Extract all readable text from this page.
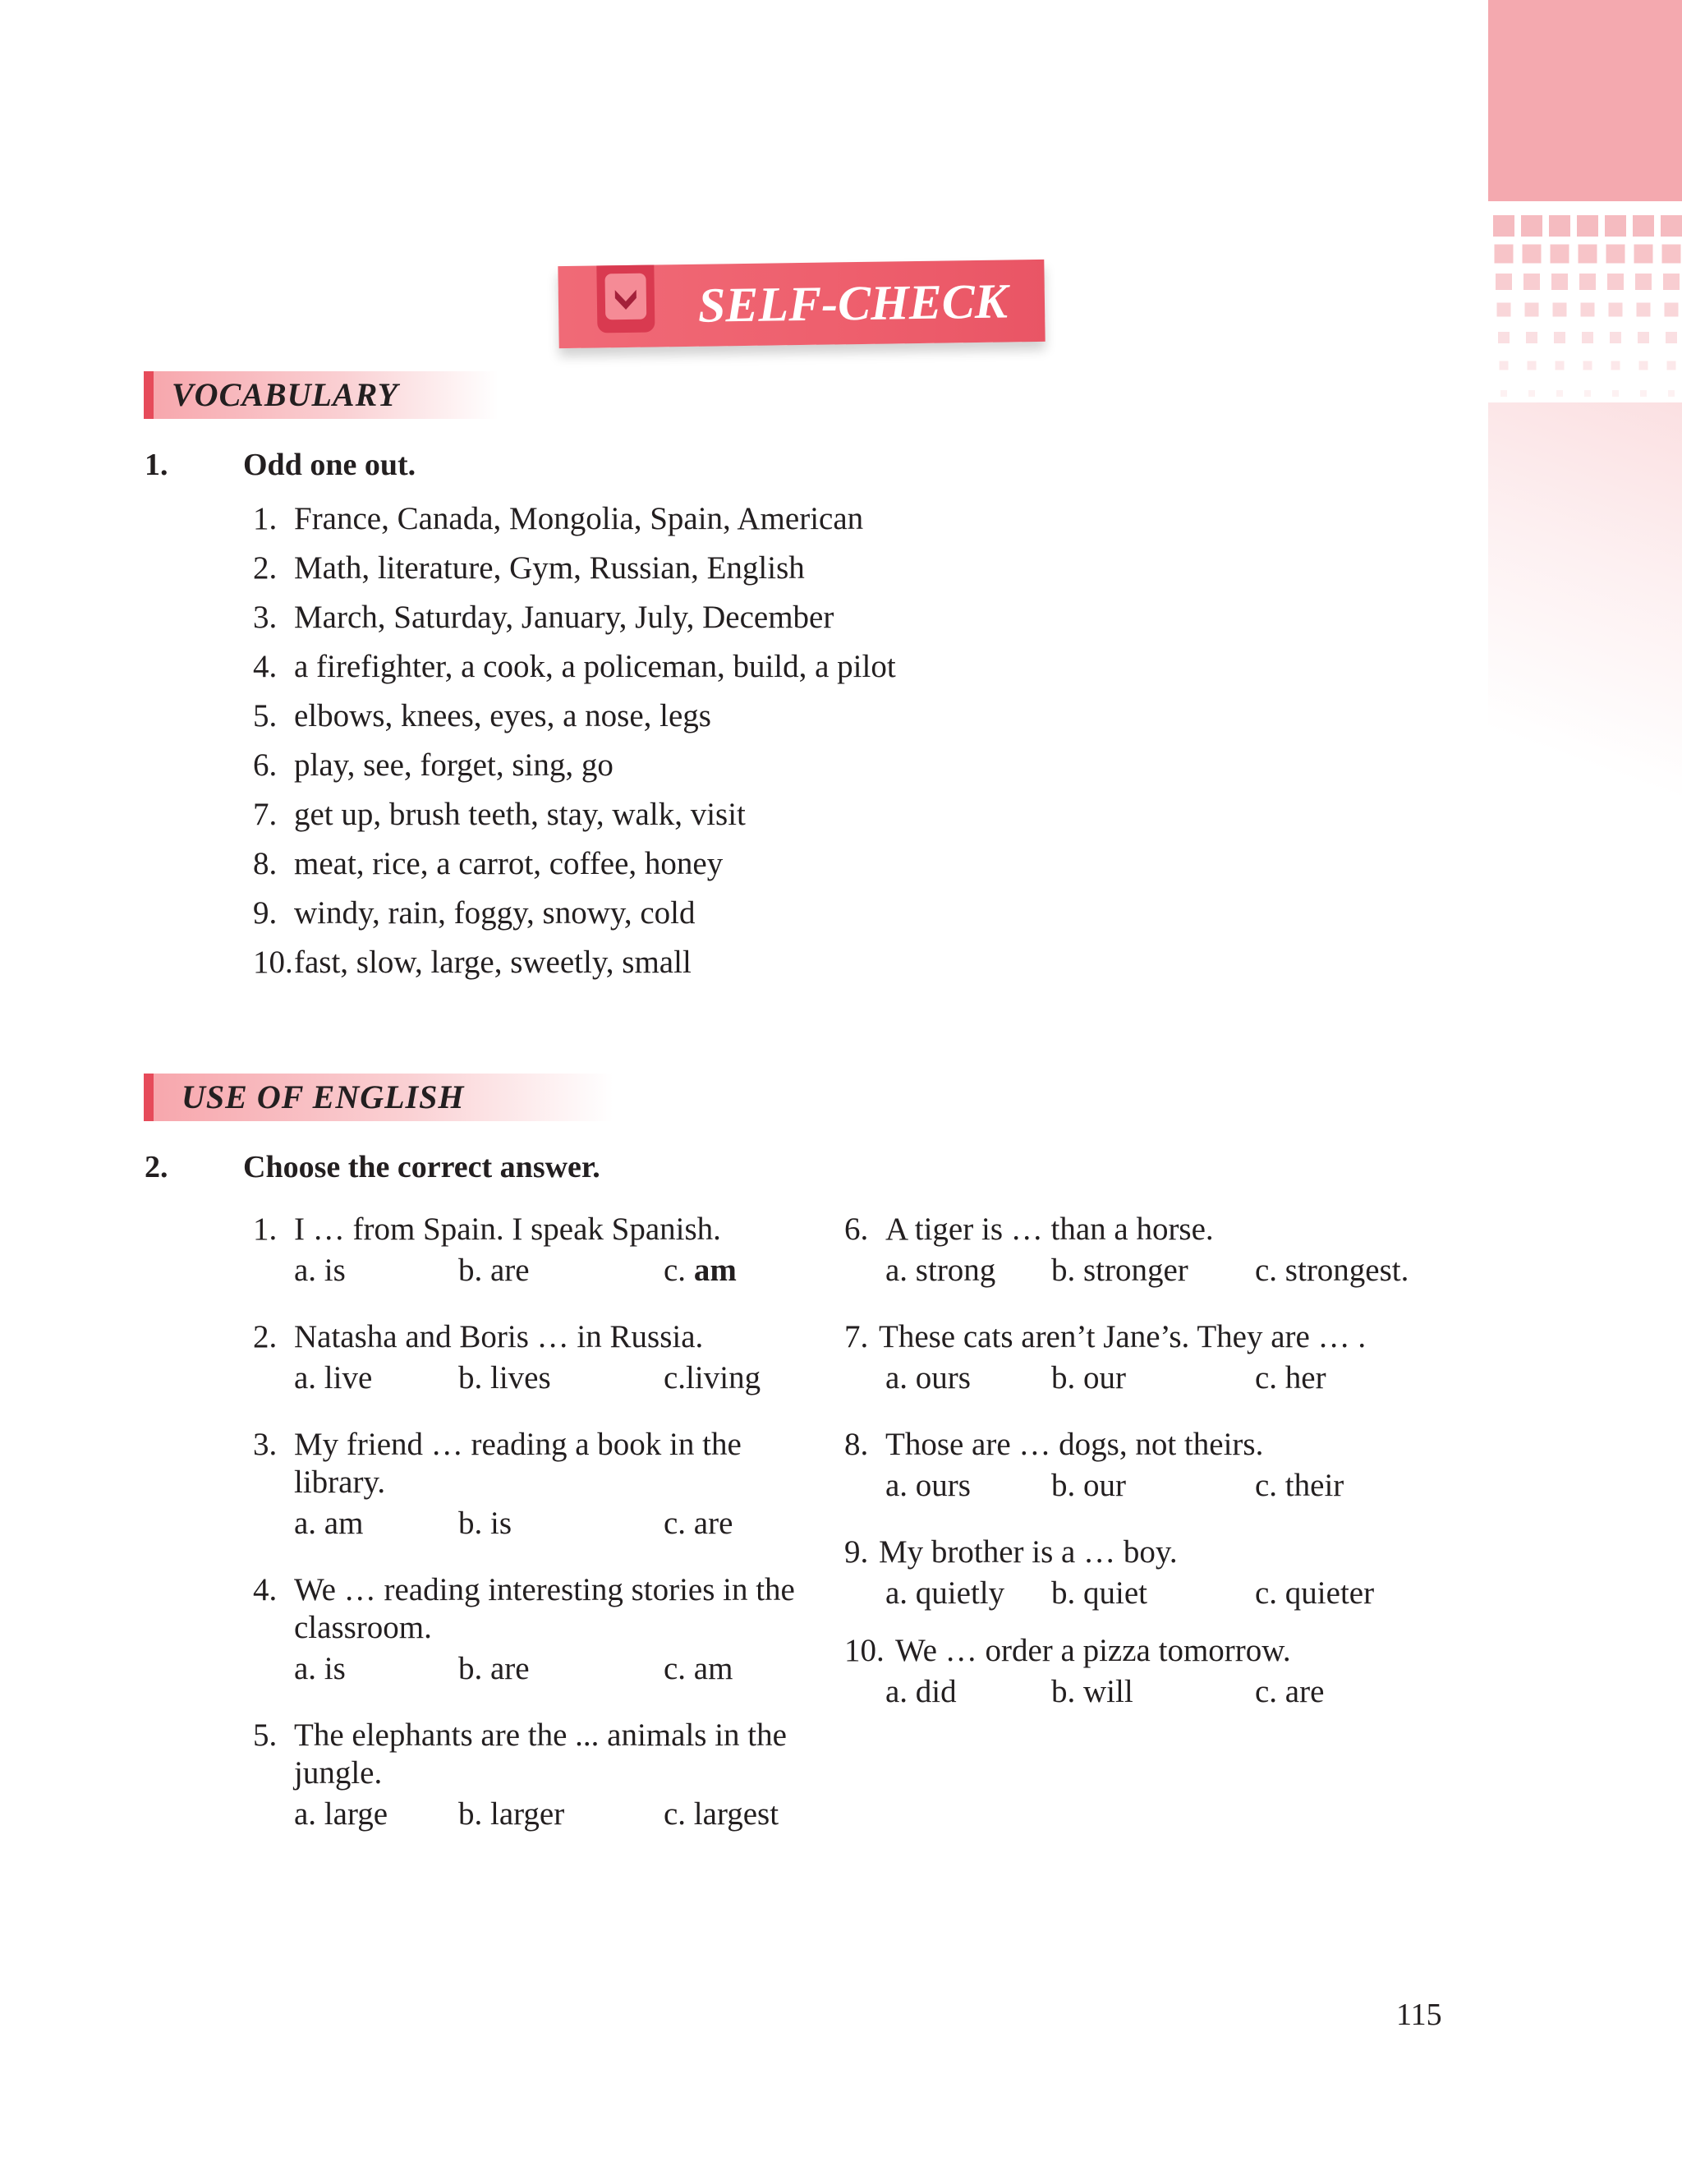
SELF-CHECK
VOCABULARY
1. Odd one out.
1. France, Canada, Mongolia, Spain, American
2. Math, literature, Gym, Russian, English
3. March, Saturday, January, July, December
4. a firefighter, a cook, a policeman, build, a pilot
5. elbows, knees, eyes, a nose, legs
6. play, see, forget, sing, go
7. get up, brush teeth, stay, walk, visit
8. meat, rice, a carrot, coffee, honey
9. windy, rain, foggy, snowy, cold
10.fast, slow, large, sweetly, small
USE OF ENGLISH
2. Choose the correct answer.
1. I … from Spain. I speak Spanish.
a. is	b. are	c. am
2. Natasha and Boris … in Russia.
a. live	b. lives	c.living
3. My friend … reading a book in the library.
a. am	b. is	c. are
4. We … reading interesting stories in the classroom.
a. is	b. are	c. am
5. The elephants are the ... animals in the jungle.
a. large b. larger	c. largest
6. A tiger is … than a horse.
a. strong b. stronger c. strongest.
7. These cats aren’t Jane’s. They are … .
a. ours	b. our	c. her
8. Those are … dogs, not theirs.
a. ours	b. our	c. their
9. My brother is a … boy.
a. quietly b. quiet	c. quieter
10. We … order a pizza tomorrow.
a. did	b. will	c. are
115
